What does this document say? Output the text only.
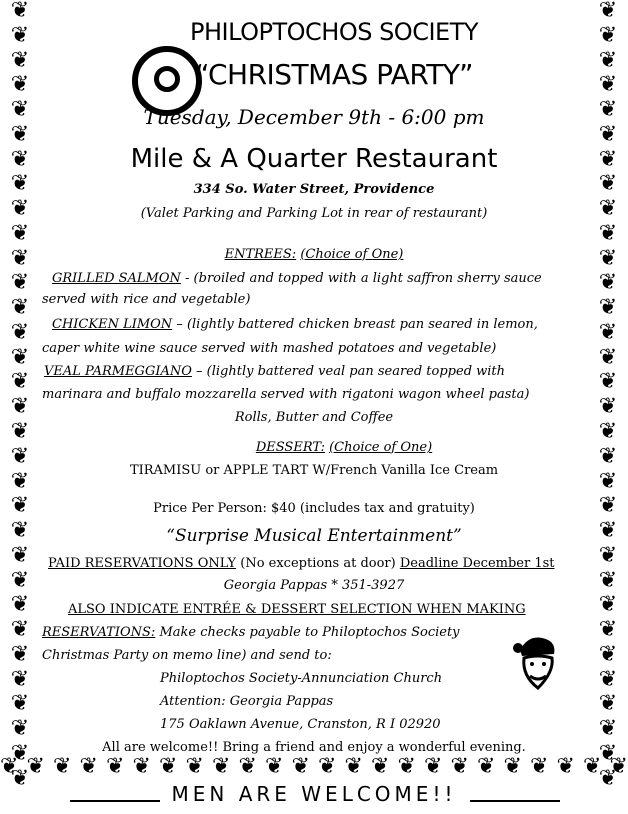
❦
❦
❦
❦
❦
❦
❦
❦
❦
❦
❦
❦
❦
❦
❦
❦
❦
❦
❦
❦
❦
❦
❦
❦
❦
❦
❦
❦
❦
❦
❦
❦
❦
❦
❦
❦
❦
❦
❦
❦
❦
❦
❦
❦
❦
❦
❦
❦
❦
❦
❦
❦
❦
❦
❦
❦
❦
❦
❦
❦
❦
❦
❦
❦
❦ ❦ ❦ ❦ ❦ ❦ ❦ ❦ ❦ ❦ ❦ ❦ ❦ ❦ ❦ ❦ ❦ ❦ ❦ ❦ ❦ ❦ ❦ ❦
PHILOPTOCHOS SOCIETY
“CHRISTMAS PARTY”
Tuesday, December 9th - 6:00 pm
Mile & A Quarter Restaurant
334 So. Water Street, Providence
(Valet Parking and Parking Lot in rear of restaurant)
ENTREES: (Choice of One)
GRILLED SALMON - (broiled and topped with a light saffron sherry sauce
served with rice and vegetable)
CHICKEN LIMON – (lightly battered chicken breast pan seared in lemon,
caper white wine sauce served with mashed potatoes and vegetable)
VEAL PARMEGGIANO – (lightly battered veal pan seared topped with
marinara and buffalo mozzarella served with rigatoni wagon wheel pasta)
Rolls, Butter and Coffee
DESSERT: (Choice of One)
TIRAMISU or APPLE TART W/French Vanilla Ice Cream
Price Per Person: $40 (includes tax and gratuity)
“Surprise Musical Entertainment”
PAID RESERVATIONS ONLY (No exceptions at door) Deadline December 1st
Georgia Pappas * 351-3927
ALSO INDICATE ENTRÉE & DESSERT SELECTION WHEN MAKING
RESERVATIONS: Make checks payable to Philoptochos Society
Christmas Party on memo line) and send to:
Philoptochos Society-Annunciation Church
Attention: Georgia Pappas
175 Oaklawn Avenue, Cranston, R I 02920
All are welcome!! Bring a friend and enjoy a wonderful evening.
MEN ARE WELCOME!!
